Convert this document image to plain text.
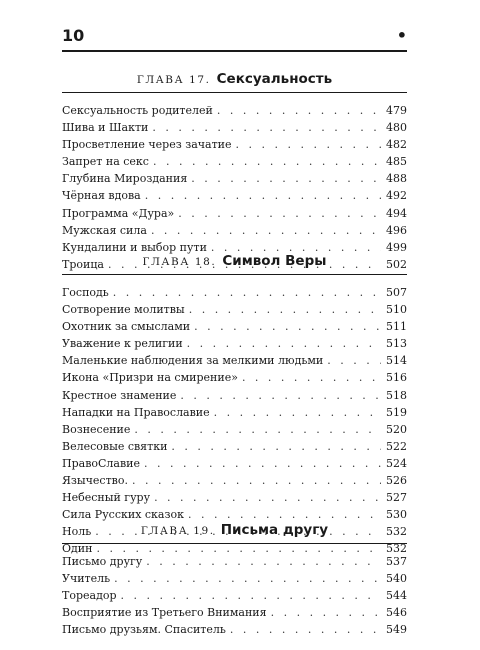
10	•
ГЛАВА 17. Сексуальность
Сексуальность родителей . . .	479
Шива и Шакти . . .	480
Просветление через зачатие . . .	482
Запрет на секс . . .	485
Глубина Мироздания . . .	488
Чёрная вдова . . .	492
Программа «Дура» . . .	494
Мужская сила . . .	496
Кундалини и выбор пути . . .	499
Троица . . .	502
ГЛАВА 18. Символ Веры
Господь . . .	507
Сотворение молитвы . . .	510
Охотник за смыслами . . .	511
Уважение к религии . . .	513
Маленькие наблюдения за мелкими людьми . . .	514
Икона «Призри на смирение» . . .	516
Крестное знамение . . .	518
Нападки на Православие . . .	519
Вознесение . . .	520
Велесовые святки . . .	522
ПравоСлавие . . .	524
Язычество. . . .	526
Небесный гуру . . .	527
Сила Русских сказок . . .	530
Ноль . . .	532
Один . . .	532
ГЛАВА 19. Письма другу
Письмо другу . . .	537
Учитель . . .	540
Тореадор . . .	544
Восприятие из Третьего Внимания . . .	546
Письмо друзьям. Спаситель . . .	549
